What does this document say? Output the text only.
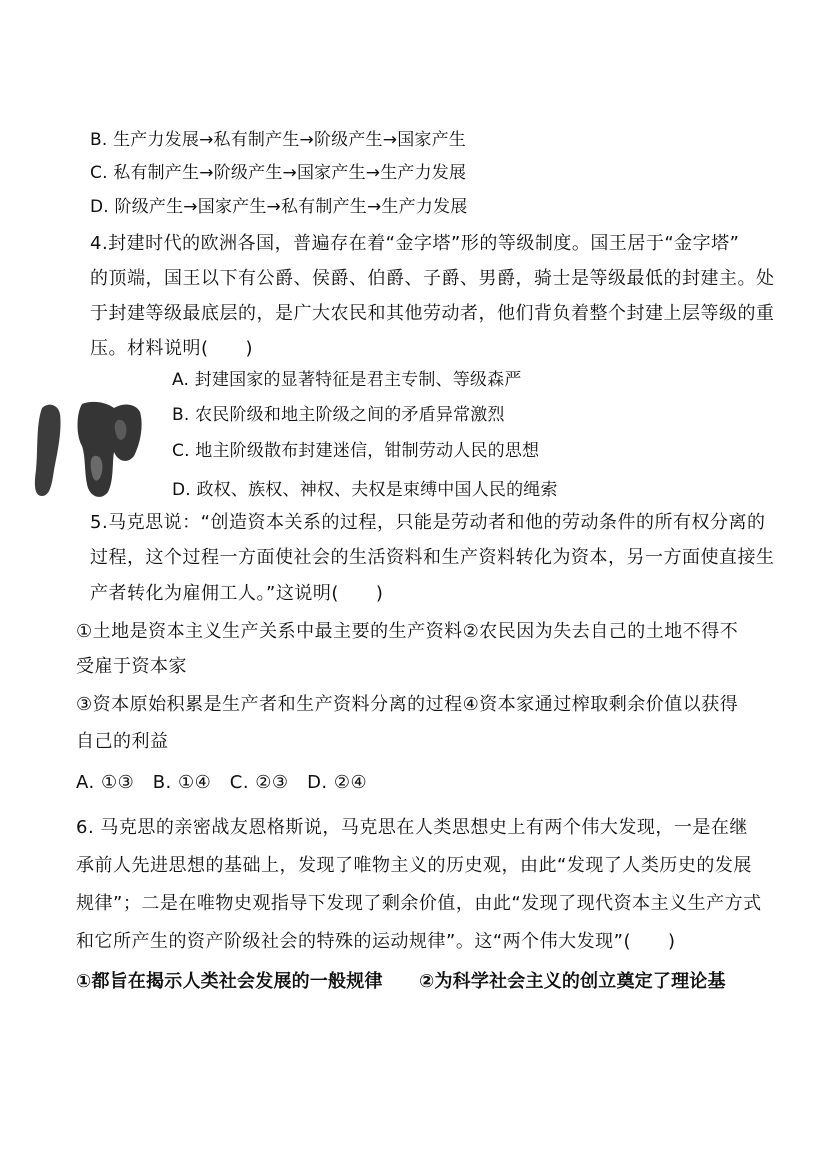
B. 生产力发展→私有制产生→阶级产生→国家产生
C. 私有制产生→阶级产生→国家产生→生产力发展
D. 阶级产生→国家产生→私有制产生→生产力发展
4.封建时代的欧洲各国，普遍存在着“金字塔”形的等级制度。国王居于“金字塔”
的顶端，国王以下有公爵、侯爵、伯爵、子爵、男爵，骑士是等级最低的封建主。处
于封建等级最底层的，是广大农民和其他劳动者，他们背负着整个封建上层等级的重
压。材料说明(　　)
A. 封建国家的显著特征是君主专制、等级森严
B. 农民阶级和地主阶级之间的矛盾异常激烈
C. 地主阶级散布封建迷信，钳制劳动人民的思想
D. 政权、族权、神权、夫权是束缚中国人民的绳索
5.马克思说：“创造资本关系的过程，只能是劳动者和他的劳动条件的所有权分离的
过程，这个过程一方面使社会的生活资料和生产资料转化为资本，另一方面使直接生
产者转化为雇佣工人。”这说明(　　)
①土地是资本主义生产关系中最主要的生产资料②农民因为失去自己的土地不得不
受雇于资本家
③资本原始积累是生产者和生产资料分离的过程④资本家通过榨取剩余价值以获得
自己的利益
A. ①③　B. ①④　C. ②③　D. ②④
6. 马克思的亲密战友恩格斯说，马克思在人类思想史上有两个伟大发现，一是在继
承前人先进思想的基础上，发现了唯物主义的历史观，由此“发现了人类历史的发展
规律”；二是在唯物史观指导下发现了剩余价值，由此“发现了现代资本主义生产方式
和它所产生的资产阶级社会的特殊的运动规律”。这“两个伟大发现”(　　)
①都旨在揭示人类社会发展的一般规律　　②为科学社会主义的创立奠定了理论基
